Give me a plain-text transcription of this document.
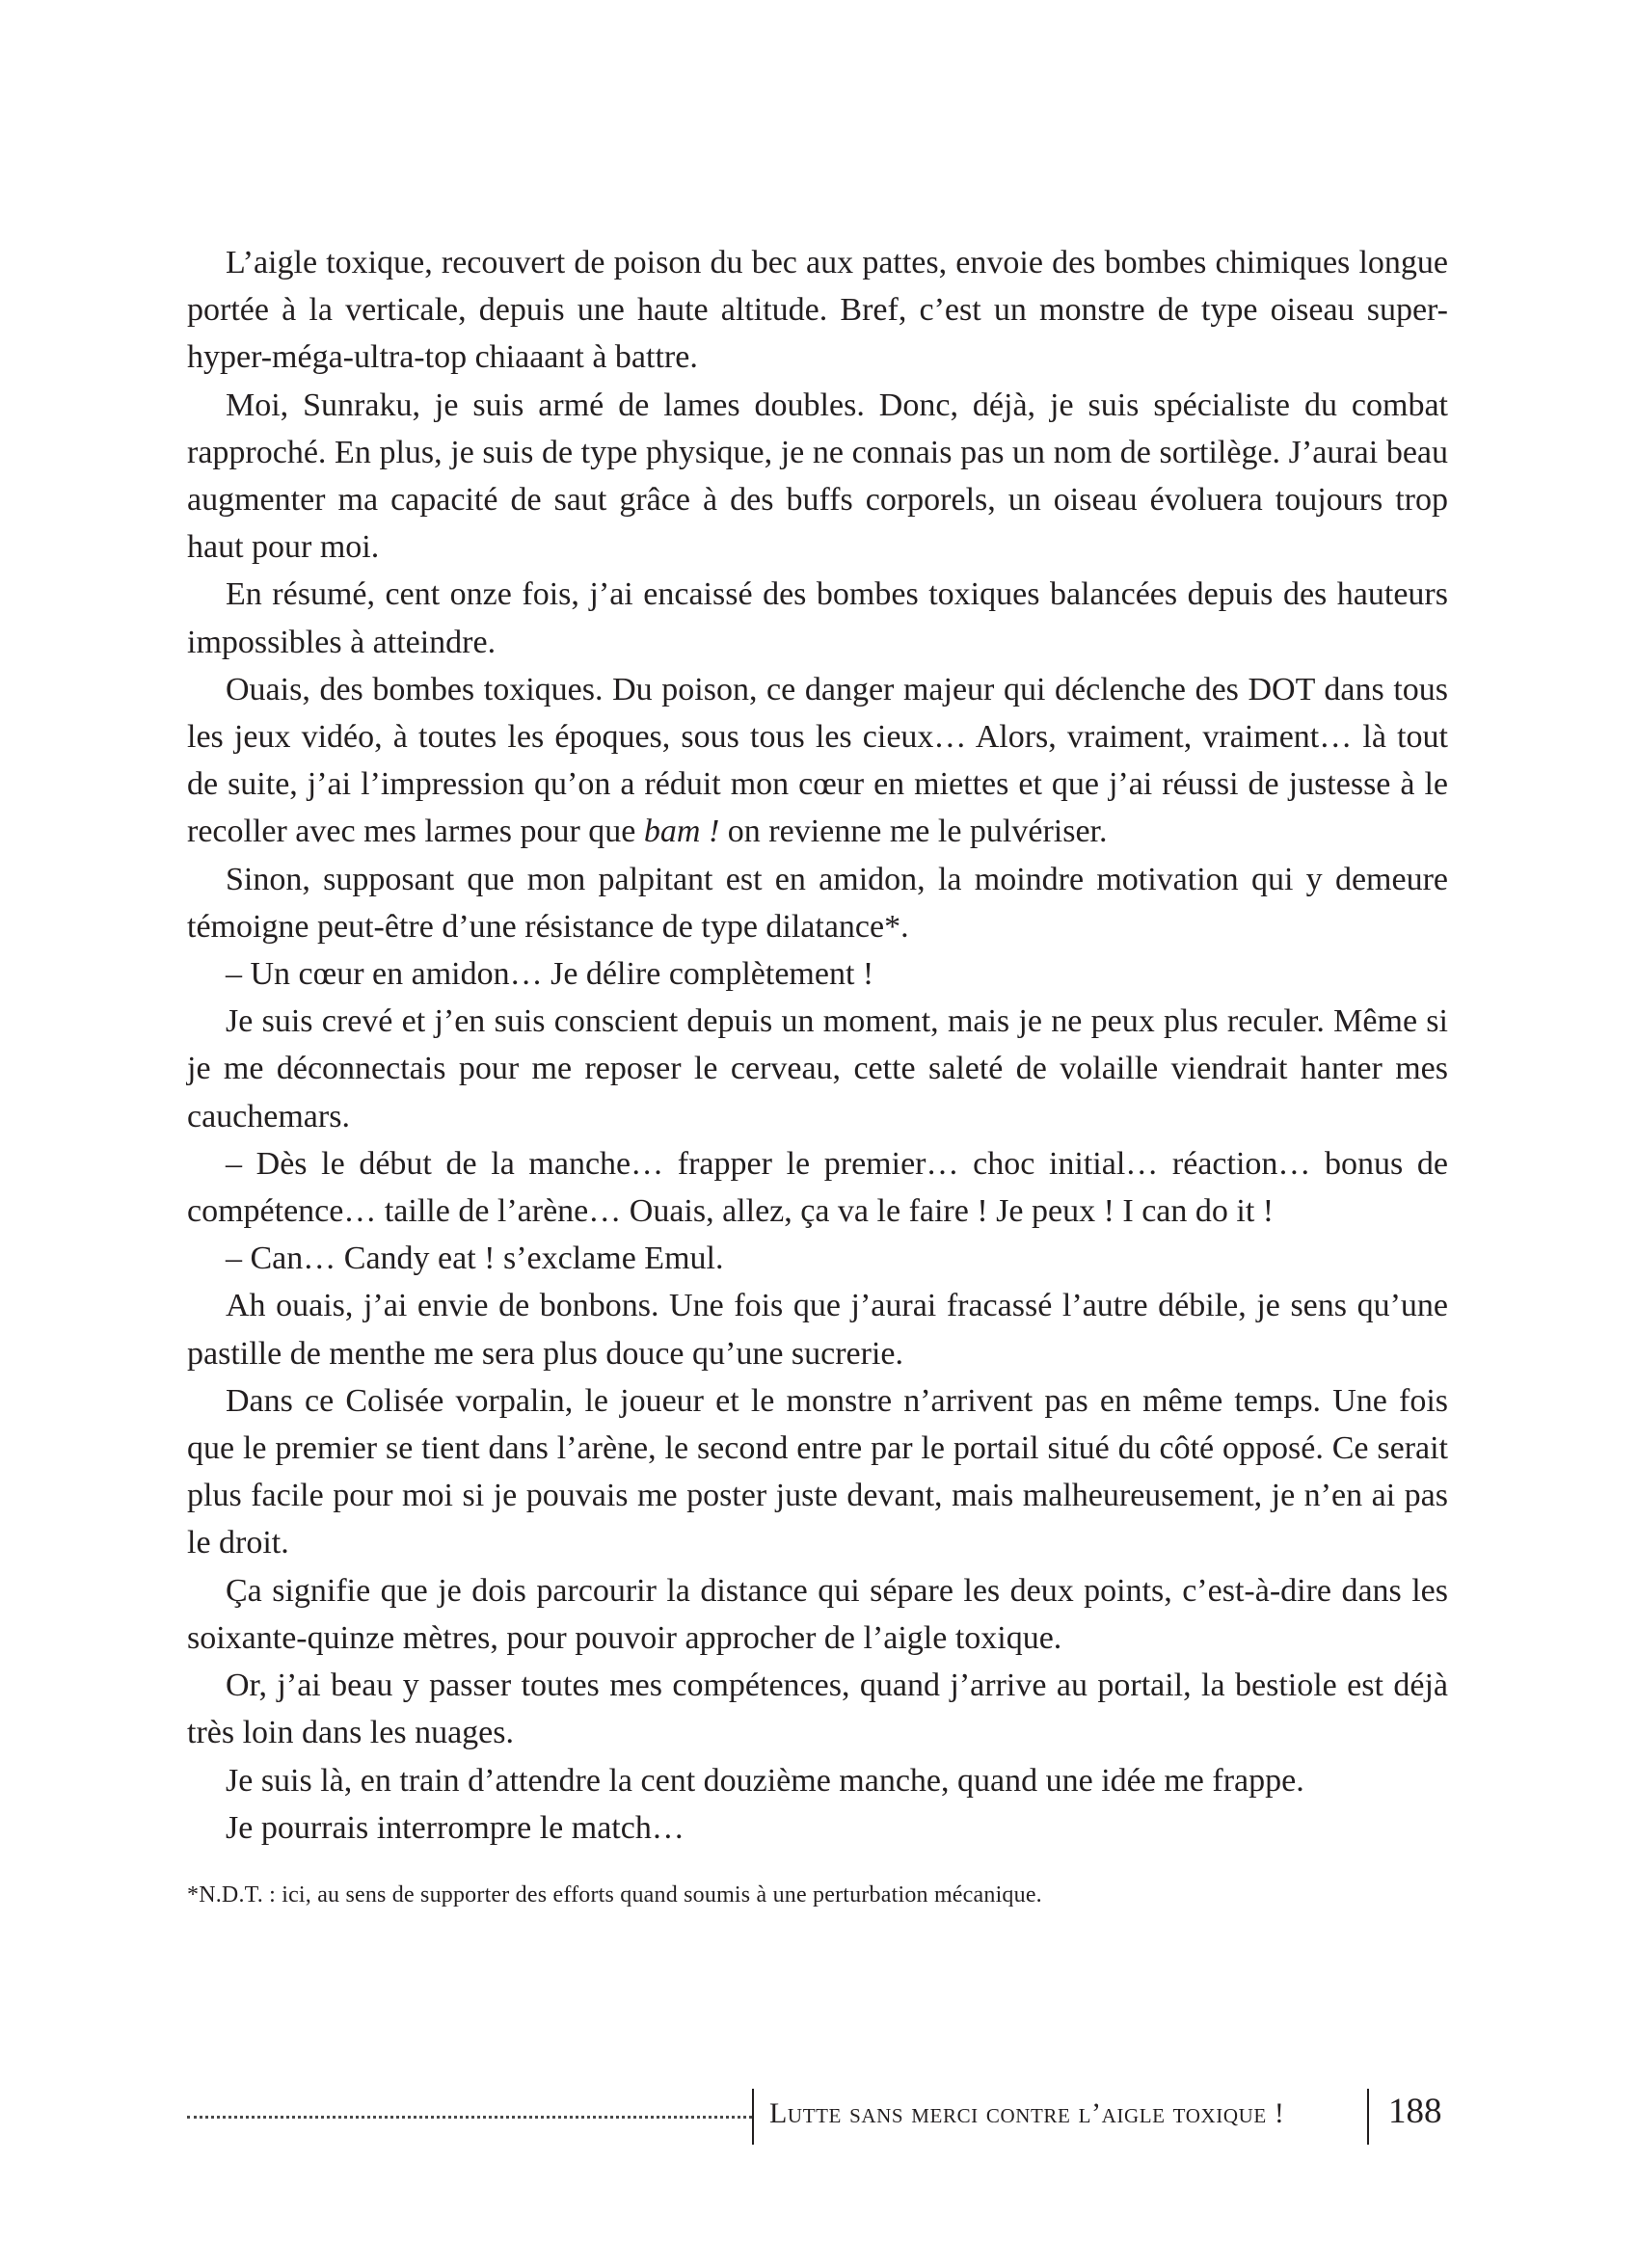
L’aigle toxique, recouvert de poison du bec aux pattes, envoie des bombes chimiques longue portée à la verticale, depuis une haute altitude. Bref, c’est un monstre de type oiseau super-hyper-méga-ultra-top chiaaant à battre.

Moi, Sunraku, je suis armé de lames doubles. Donc, déjà, je suis spécialiste du combat rapproché. En plus, je suis de type physique, je ne connais pas un nom de sortilège. J’aurai beau augmenter ma capacité de saut grâce à des buffs corporels, un oiseau évoluera toujours trop haut pour moi.

En résumé, cent onze fois, j’ai encaissé des bombes toxiques balancées depuis des hauteurs impossibles à atteindre.

Ouais, des bombes toxiques. Du poison, ce danger majeur qui déclenche des DOT dans tous les jeux vidéo, à toutes les époques, sous tous les cieux… Alors, vraiment, vraiment… là tout de suite, j’ai l’impression qu’on a réduit mon cœur en miettes et que j’ai réussi de justesse à le recoller avec mes larmes pour que bam ! on revienne me le pulvériser.

Sinon, supposant que mon palpitant est en amidon, la moindre motivation qui y demeure témoigne peut-être d’une résistance de type dilatance*.

– Un cœur en amidon… Je délire complètement !

Je suis crevé et j’en suis conscient depuis un moment, mais je ne peux plus reculer. Même si je me déconnectais pour me reposer le cerveau, cette saleté de volaille viendrait hanter mes cauchemars.

– Dès le début de la manche… frapper le premier… choc initial… réaction… bonus de compétence… taille de l’arène… Ouais, allez, ça va le faire ! Je peux ! I can do it !

– Can… Candy eat ! s’exclame Emul.

Ah ouais, j’ai envie de bonbons. Une fois que j’aurai fracassé l’autre débile, je sens qu’une pastille de menthe me sera plus douce qu’une sucrerie.

Dans ce Colisée vorpalin, le joueur et le monstre n’arrivent pas en même temps. Une fois que le premier se tient dans l’arène, le second entre par le portail situé du côté opposé. Ce serait plus facile pour moi si je pouvais me poster juste devant, mais malheureusement, je n’en ai pas le droit.

Ça signifie que je dois parcourir la distance qui sépare les deux points, c’est-à-dire dans les soixante-quinze mètres, pour pouvoir approcher de l’aigle toxique.

Or, j’ai beau y passer toutes mes compétences, quand j’arrive au portail, la bestiole est déjà très loin dans les nuages.

Je suis là, en train d’attendre la cent douzième manche, quand une idée me frappe.

Je pourrais interrompre le match…

*N.D.T. : ici, au sens de supporter des efforts quand soumis à une perturbation mécanique.

Lutte sans merci contre l’aigle toxique !	188
